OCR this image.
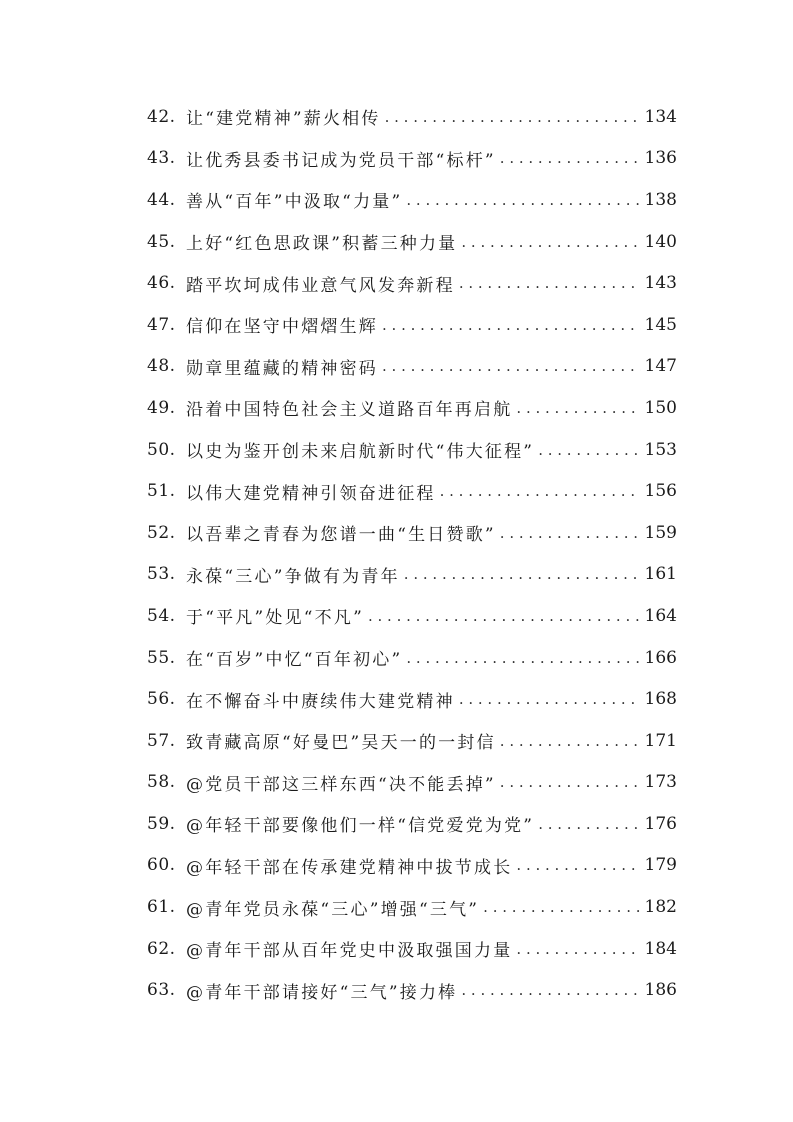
42. 让“建党精神”薪火相传 . . .	134
43. 让优秀县委书记成为党员干部“标杆” . . .	136
44. 善从“百年”中汲取“力量” . . .	138
45. 上好“红色思政课”积蓄三种力量 . . .	140
46. 踏平坎坷成伟业意气风发奔新程 . . .	143
47. 信仰在坚守中熠熠生辉 . . .	145
48. 勋章里蕴藏的精神密码 . . .	147
49. 沿着中国特色社会主义道路百年再启航 . . .	150
50. 以史为鉴开创未来启航新时代“伟大征程” . . .	153
51. 以伟大建党精神引领奋进征程 . . .	156
52. 以吾辈之青春为您谱一曲“生日赞歌” . . .	159
53. 永葆“三心”争做有为青年 . . .	161
54. 于“平凡”处见“不凡” . . .	164
55. 在“百岁”中忆“百年初心” . . .	166
56. 在不懈奋斗中赓续伟大建党精神 . . .	168
57. 致青藏高原“好曼巴”吴天一的一封信 . . .	171
58. @党员干部这三样东西“决不能丢掉” . . .	173
59. @年轻干部要像他们一样“信党爱党为党” . . .	176
60. @年轻干部在传承建党精神中拔节成长 . . .	179
61. @青年党员永葆“三心”增强“三气” . . .	182
62. @青年干部从百年党史中汲取强国力量 . . .	184
63. @青年干部请接好“三气”接力棒 . . .	186
